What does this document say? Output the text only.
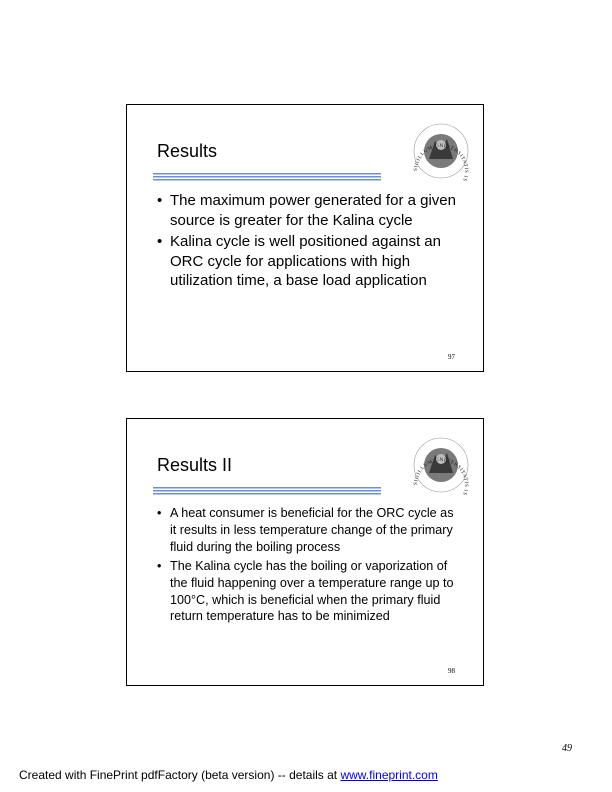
Results
SIGILLUM UNIVERSITATIS IS
• The maximum power generated for a given source is greater for the Kalina cycle
• Kalina cycle is well positioned against an ORC cycle for applications with high utilization time, a base load application
97
Results II
SIGILLUM UNIVERSITATIS IS
• A heat consumer is beneficial for the ORC cycle as it results in less temperature change of the primary fluid during the boiling process
• The Kalina cycle has the boiling or vaporization of the fluid happening over a temperature range up to 100°C, which is beneficial when the primary fluid return temperature has to be minimized
98
49
Created with FinePrint pdfFactory (beta version) -- details at www.fineprint.com
